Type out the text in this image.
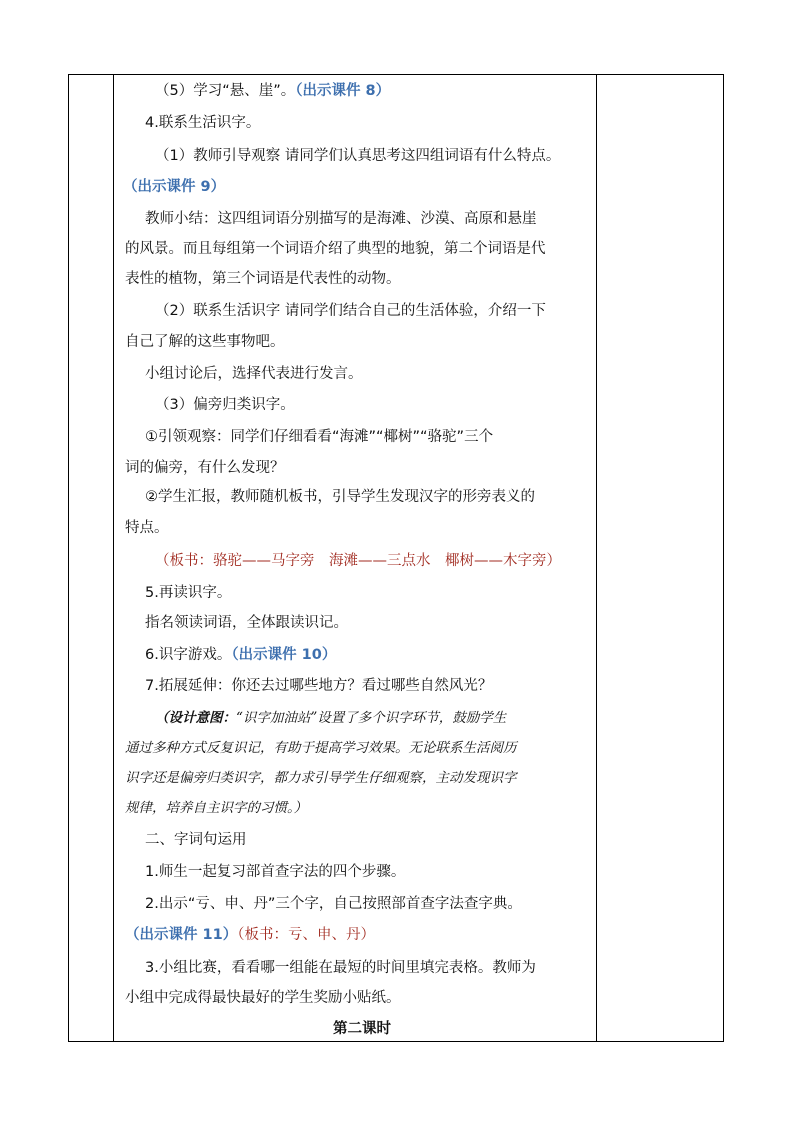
（5）学习“悬、崖”。（出示课件 8）
4.联系生活识字。
（1）教师引导观察 请同学们认真思考这四组词语有什么特点。
（出示课件 9）
教师小结：这四组词语分别描写的是海滩、沙漠、高原和悬崖
的风景。而且每组第一个词语介绍了典型的地貌，第二个词语是代
表性的植物，第三个词语是代表性的动物。
（2）联系生活识字 请同学们结合自己的生活体验，介绍一下
自己了解的这些事物吧。
小组讨论后，选择代表进行发言。
（3）偏旁归类识字。
①引领观察：同学们仔细看看“海滩”“椰树”“骆驼”三个
词的偏旁，有什么发现？
②学生汇报，教师随机板书，引导学生发现汉字的形旁表义的
特点。
（板书：骆驼——马字旁　海滩——三点水　椰树——木字旁）
5.再读识字。
指名领读词语，全体跟读识记。
6.识字游戏。（出示课件 10）
7.拓展延伸：你还去过哪些地方？看过哪些自然风光？
（设计意图：“识字加油站”设置了多个识字环节，鼓励学生
通过多种方式反复识记，有助于提高学习效果。无论联系生活阅历
识字还是偏旁归类识字，都力求引导学生仔细观察，主动发现识字
规律，培养自主识字的习惯。）
二、字词句运用
1.师生一起复习部首查字法的四个步骤。
2.出示“亏、申、丹”三个字，自己按照部首查字法查字典。
（出示课件 11）（板书：亏、申、丹）
3.小组比赛，看看哪一组能在最短的时间里填完表格。教师为
小组中完成得最快最好的学生奖励小贴纸。
第二课时
